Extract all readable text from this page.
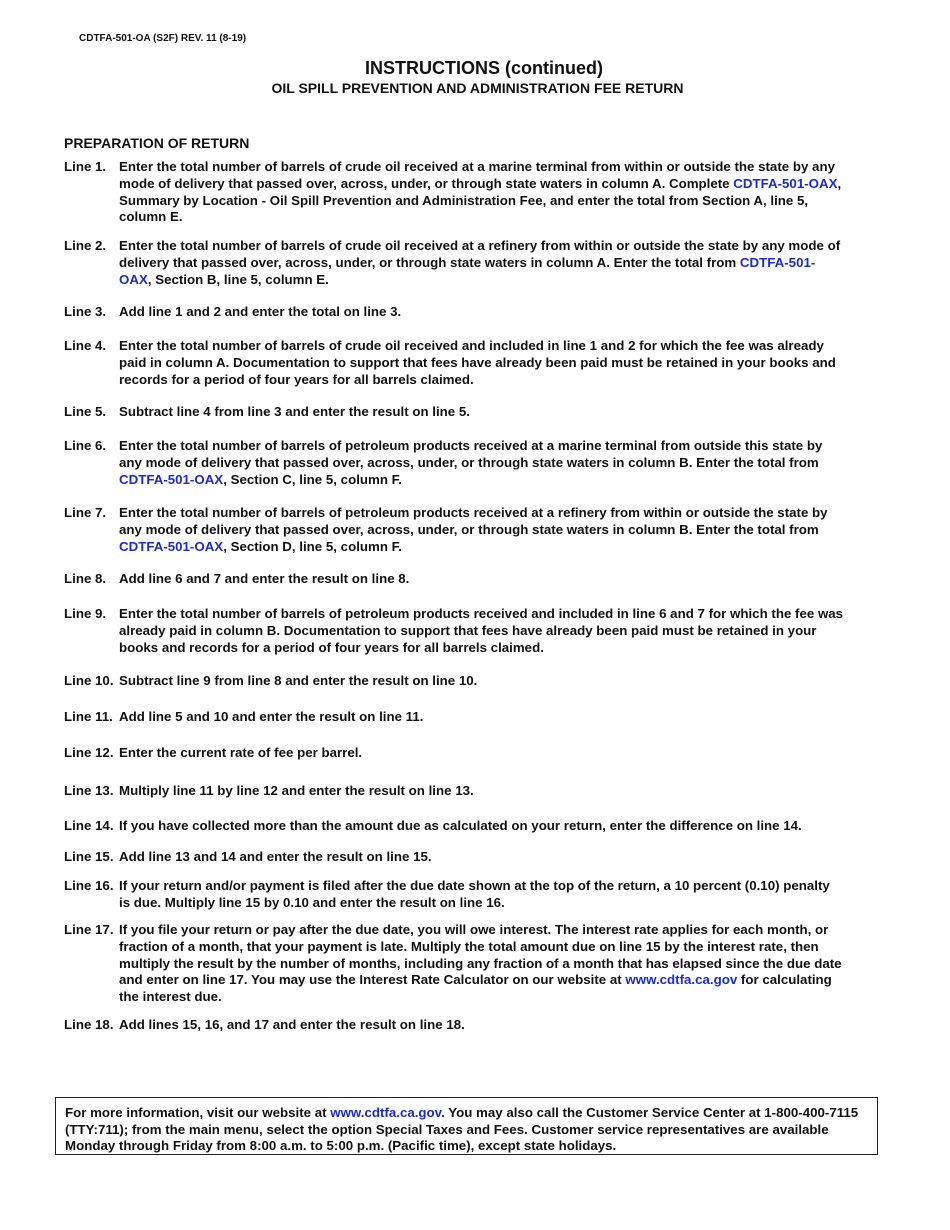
CDTFA-501-OA (S2F) REV. 11 (8-19)
INSTRUCTIONS (continued)
OIL SPILL PREVENTION AND ADMINISTRATION FEE RETURN
PREPARATION OF RETURN
Line 1. Enter the total number of barrels of crude oil received at a marine terminal from within or outside the state by any mode of delivery that passed over, across, under, or through state waters in column A. Complete CDTFA-501-OAX, Summary by Location - Oil Spill Prevention and Administration Fee, and enter the total from Section A, line 5, column E.
Line 2. Enter the total number of barrels of crude oil received at a refinery from within or outside the state by any mode of delivery that passed over, across, under, or through state waters in column A. Enter the total from CDTFA-501-OAX, Section B, line 5, column E.
Line 3. Add line 1 and 2 and enter the total on line 3.
Line 4. Enter the total number of barrels of crude oil received and included in line 1 and 2 for which the fee was already paid in column A. Documentation to support that fees have already been paid must be retained in your books and records for a period of four years for all barrels claimed.
Line 5. Subtract line 4 from line 3 and enter the result on line 5.
Line 6. Enter the total number of barrels of petroleum products received at a marine terminal from outside this state by any mode of delivery that passed over, across, under, or through state waters in column B. Enter the total from CDTFA-501-OAX, Section C, line 5, column F.
Line 7. Enter the total number of barrels of petroleum products received at a refinery from within or outside the state by any mode of delivery that passed over, across, under, or through state waters in column B. Enter the total from CDTFA-501-OAX, Section D, line 5, column F.
Line 8. Add line 6 and 7 and enter the result on line 8.
Line 9. Enter the total number of barrels of petroleum products received and included in line 6 and 7 for which the fee was already paid in column B. Documentation to support that fees have already been paid must be retained in your books and records for a period of four years for all barrels claimed.
Line 10. Subtract line 9 from line 8 and enter the result on line 10.
Line 11. Add line 5 and 10 and enter the result on line 11.
Line 12. Enter the current rate of fee per barrel.
Line 13. Multiply line 11 by line 12 and enter the result on line 13.
Line 14. If you have collected more than the amount due as calculated on your return, enter the difference on line 14.
Line 15. Add line 13 and 14 and enter the result on line 15.
Line 16. If your return and/or payment is filed after the due date shown at the top of the return, a 10 percent (0.10) penalty is due. Multiply line 15 by 0.10 and enter the result on line 16.
Line 17. If you file your return or pay after the due date, you will owe interest. The interest rate applies for each month, or fraction of a month, that your payment is late. Multiply the total amount due on line 15 by the interest rate, then multiply the result by the number of months, including any fraction of a month that has elapsed since the due date and enter on line 17. You may use the Interest Rate Calculator on our website at www.cdtfa.ca.gov for calculating the interest due.
Line 18. Add lines 15, 16, and 17 and enter the result on line 18.
For more information, visit our website at www.cdtfa.ca.gov. You may also call the Customer Service Center at 1-800-400-7115 (TTY:711); from the main menu, select the option Special Taxes and Fees. Customer service representatives are available Monday through Friday from 8:00 a.m. to 5:00 p.m. (Pacific time), except state holidays.
